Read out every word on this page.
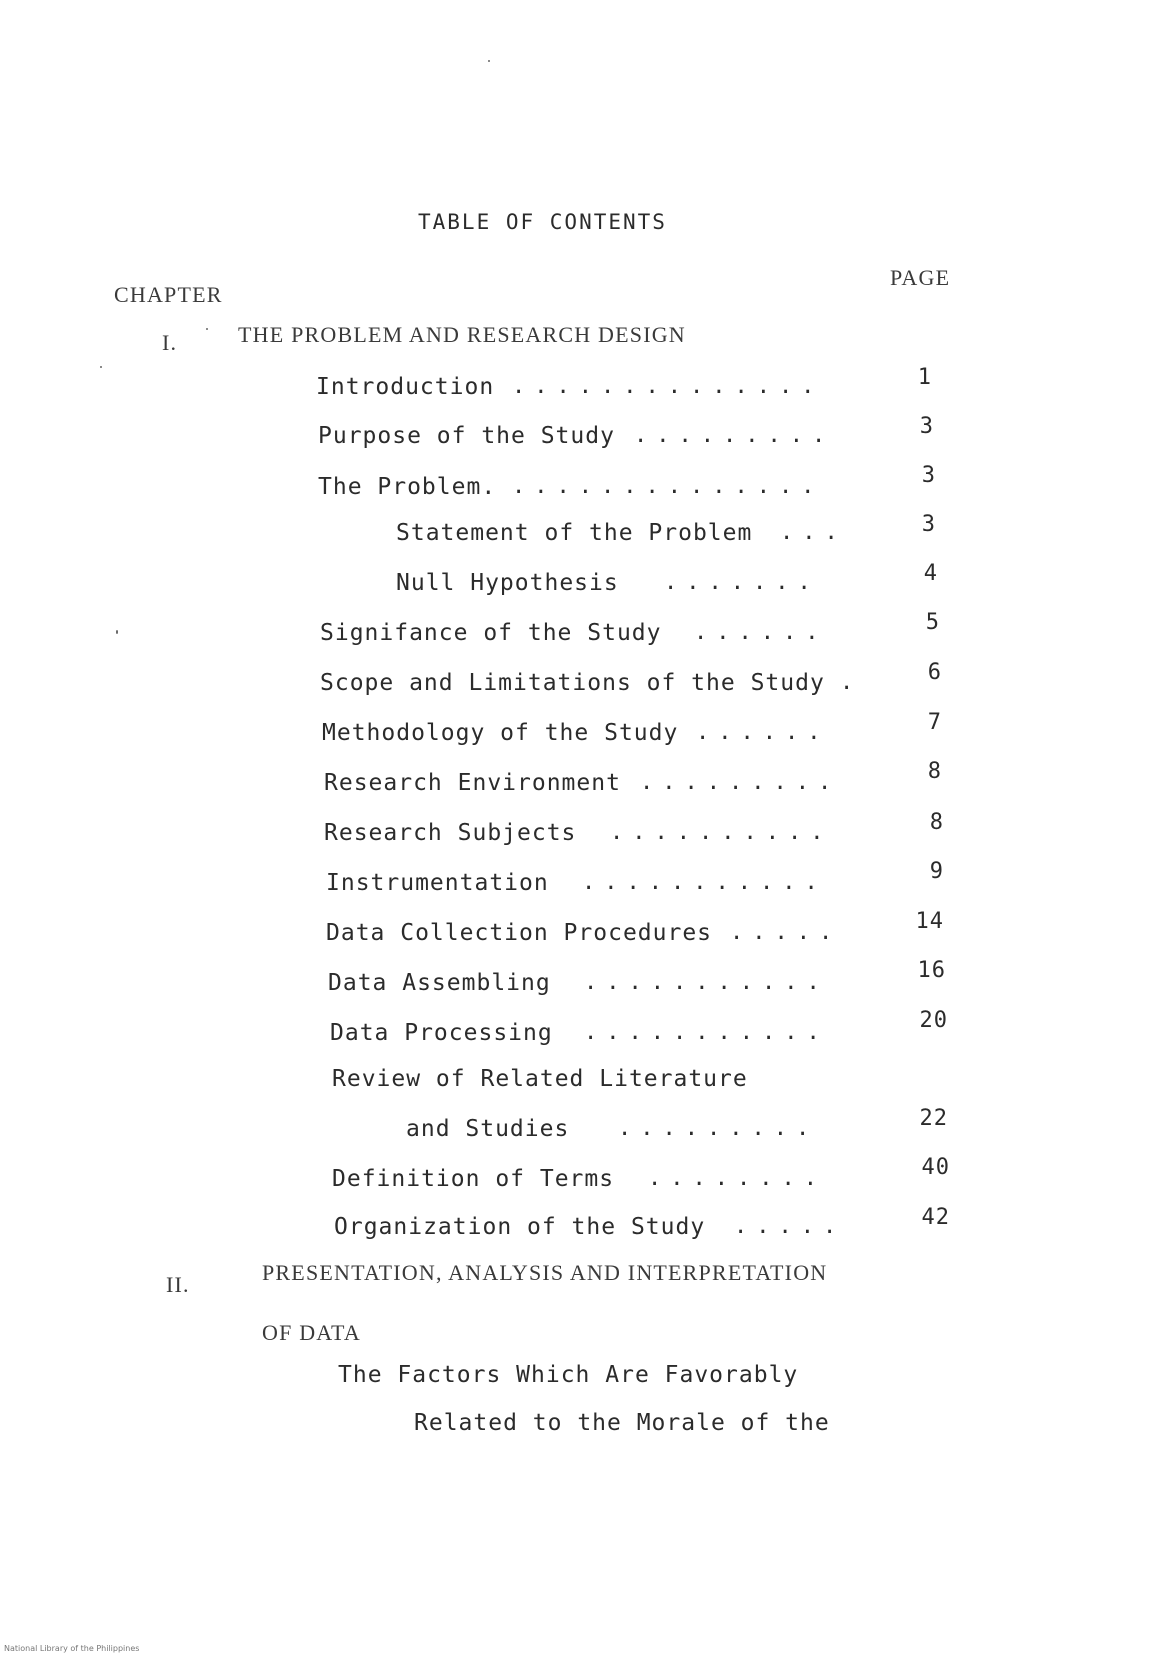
TABLE OF CONTENTS
CHAPTER
PAGE
I.	THE PROBLEM AND RESEARCH DESIGN
Introduction ..............	1
Purpose of the Study .........	3
The Problem. ..............	3
Statement of the Problem ...	3
Null Hypothesis .......	4
Signifance of the Study ......	5
Scope and Limitations of the Study .	6
Methodology of the Study ......	7
Research Environment .........	8
Research Subjects ..........	8
Instrumentation ...........	9
Data Collection Procedures .....	14
Data Assembling ...........	16
Data Processing ...........	20
Review of Related Literature
and Studies .........	22
Definition of Terms ........	40
Organization of the Study .....	42
II.	PRESENTATION, ANALYSIS AND INTERPRETATION
OF DATA
The Factors Which Are Favorably
Related to the Morale of the
National Library of the Philippines
